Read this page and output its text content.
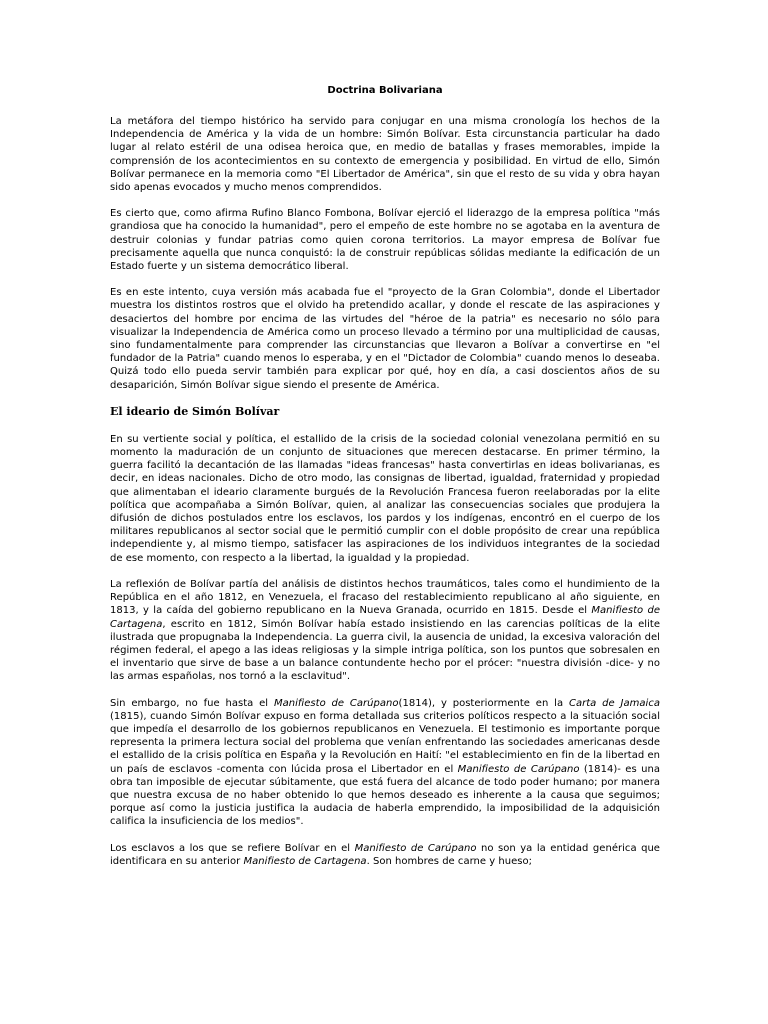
Doctrina Bolivariana

La metáfora del tiempo histórico ha servido para conjugar en una misma cronología los hechos de la Independencia de América y la vida de un hombre: Simón Bolívar. Esta circunstancia particular ha dado lugar al relato estéril de una odisea heroica que, en medio de batallas y frases memorables, impide la comprensión de los acontecimientos en su contexto de emergencia y posibilidad. En virtud de ello, Simón Bolívar permanece en la memoria como "El Libertador de América", sin que el resto de su vida y obra hayan sido apenas evocados y mucho menos comprendidos.

Es cierto que, como afirma Rufino Blanco Fombona, Bolívar ejerció el liderazgo de la empresa política "más grandiosa que ha conocido la humanidad", pero el empeño de este hombre no se agotaba en la aventura de destruir colonias y fundar patrias como quien corona territorios. La mayor empresa de Bolívar fue precisamente aquella que nunca conquistó: la de construir repúblicas sólidas mediante la edificación de un Estado fuerte y un sistema democrático liberal.

Es en este intento, cuya versión más acabada fue el "proyecto de la Gran Colombia", donde el Libertador muestra los distintos rostros que el olvido ha pretendido acallar, y donde el rescate de las aspiraciones y desaciertos del hombre por encima de las virtudes del "héroe de la patria" es necesario no sólo para visualizar la Independencia de América como un proceso llevado a término por una multiplicidad de causas, sino fundamentalmente para comprender las circunstancias que llevaron a Bolívar a convertirse en "el fundador de la Patria" cuando menos lo esperaba, y en el "Dictador de Colombia" cuando menos lo deseaba. Quizá todo ello pueda servir también para explicar por qué, hoy en día, a casi doscientos años de su desaparición, Simón Bolívar sigue siendo el presente de América.

El ideario de Simón Bolívar

En su vertiente social y política, el estallido de la crisis de la sociedad colonial venezolana permitió en su momento la maduración de un conjunto de situaciones que merecen destacarse. En primer término, la guerra facilitó la decantación de las llamadas "ideas francesas" hasta convertirlas en ideas bolivarianas, es decir, en ideas nacionales. Dicho de otro modo, las consignas de libertad, igualdad, fraternidad y propiedad que alimentaban el ideario claramente burgués de la Revolución Francesa fueron reelaboradas por la elite política que acompañaba a Simón Bolívar, quien, al analizar las consecuencias sociales que produjera la difusión de dichos postulados entre los esclavos, los pardos y los indígenas, encontró en el cuerpo de los militares republicanos al sector social que le permitió cumplir con el doble propósito de crear una república independiente y, al mismo tiempo, satisfacer las aspiraciones de los individuos integrantes de la sociedad de ese momento, con respecto a la libertad, la igualdad y la propiedad.

La reflexión de Bolívar partía del análisis de distintos hechos traumáticos, tales como el hundimiento de la República en el año 1812, en Venezuela, el fracaso del restablecimiento republicano al año siguiente, en 1813, y la caída del gobierno republicano en la Nueva Granada, ocurrido en 1815. Desde el Manifiesto de Cartagena, escrito en 1812, Simón Bolívar había estado insistiendo en las carencias políticas de la elite ilustrada que propugnaba la Independencia. La guerra civil, la ausencia de unidad, la excesiva valoración del régimen federal, el apego a las ideas religiosas y la simple intriga política, son los puntos que sobresalen en el inventario que sirve de base a un balance contundente hecho por el prócer: "nuestra división -dice- y no las armas españolas, nos tornó a la esclavitud".

Sin embargo, no fue hasta el Manifiesto de Carúpano(1814), y posteriormente en la Carta de Jamaica (1815), cuando Simón Bolívar expuso en forma detallada sus criterios políticos respecto a la situación social que impedía el desarrollo de los gobiernos republicanos en Venezuela. El testimonio es importante porque representa la primera lectura social del problema que venían enfrentando las sociedades americanas desde el estallido de la crisis política en España y la Revolución en Haití: "el establecimiento en fin de la libertad en un país de esclavos -comenta con lúcida prosa el Libertador en el Manifiesto de Carúpano (1814)- es una obra tan imposible de ejecutar súbitamente, que está fuera del alcance de todo poder humano; por manera que nuestra excusa de no haber obtenido lo que hemos deseado es inherente a la causa que seguimos; porque así como la justicia justifica la audacia de haberla emprendido, la imposibilidad de la adquisición califica la insuficiencia de los medios".

Los esclavos a los que se refiere Bolívar en el Manifiesto de Carúpano no son ya la entidad genérica que identificara en su anterior Manifiesto de Cartagena. Son hombres de carne y hueso;
